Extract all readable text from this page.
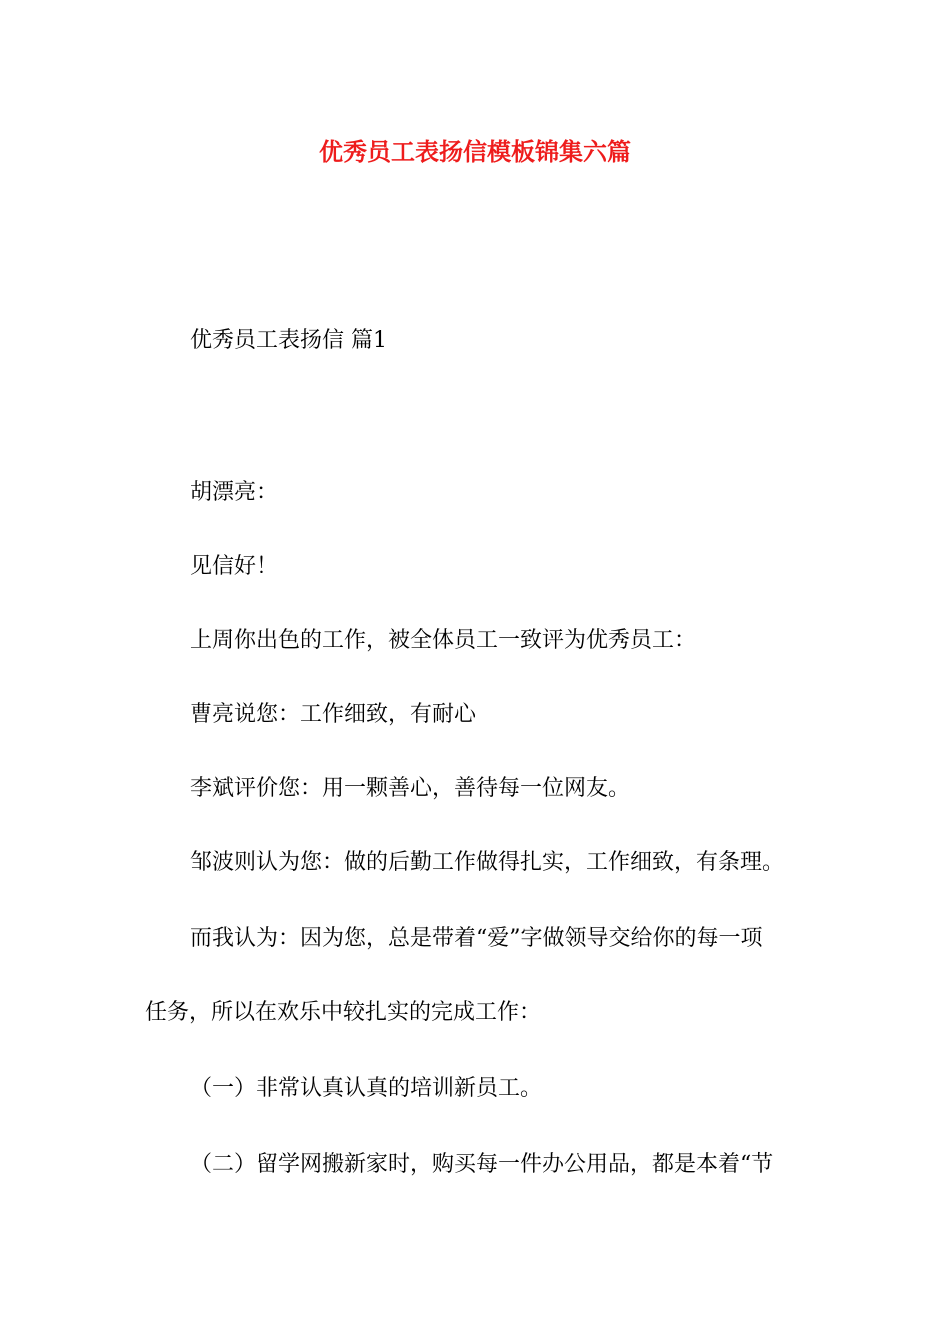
优秀员工表扬信模板锦集六篇

优秀员工表扬信 篇1

胡漂亮：

见信好！

上周你出色的工作，被全体员工一致评为优秀员工：

曹亮说您：工作细致，有耐心

李斌评价您：用一颗善心，善待每一位网友。

邹波则认为您：做的后勤工作做得扎实，工作细致，有条理。

而我认为：因为您，总是带着“爱”字做领导交给你的每一项

任务，所以在欢乐中较扎实的完成工作：

（一）非常认真认真的培训新员工。

（二）留学网搬新家时，购买每一件办公用品，都是本着“节
